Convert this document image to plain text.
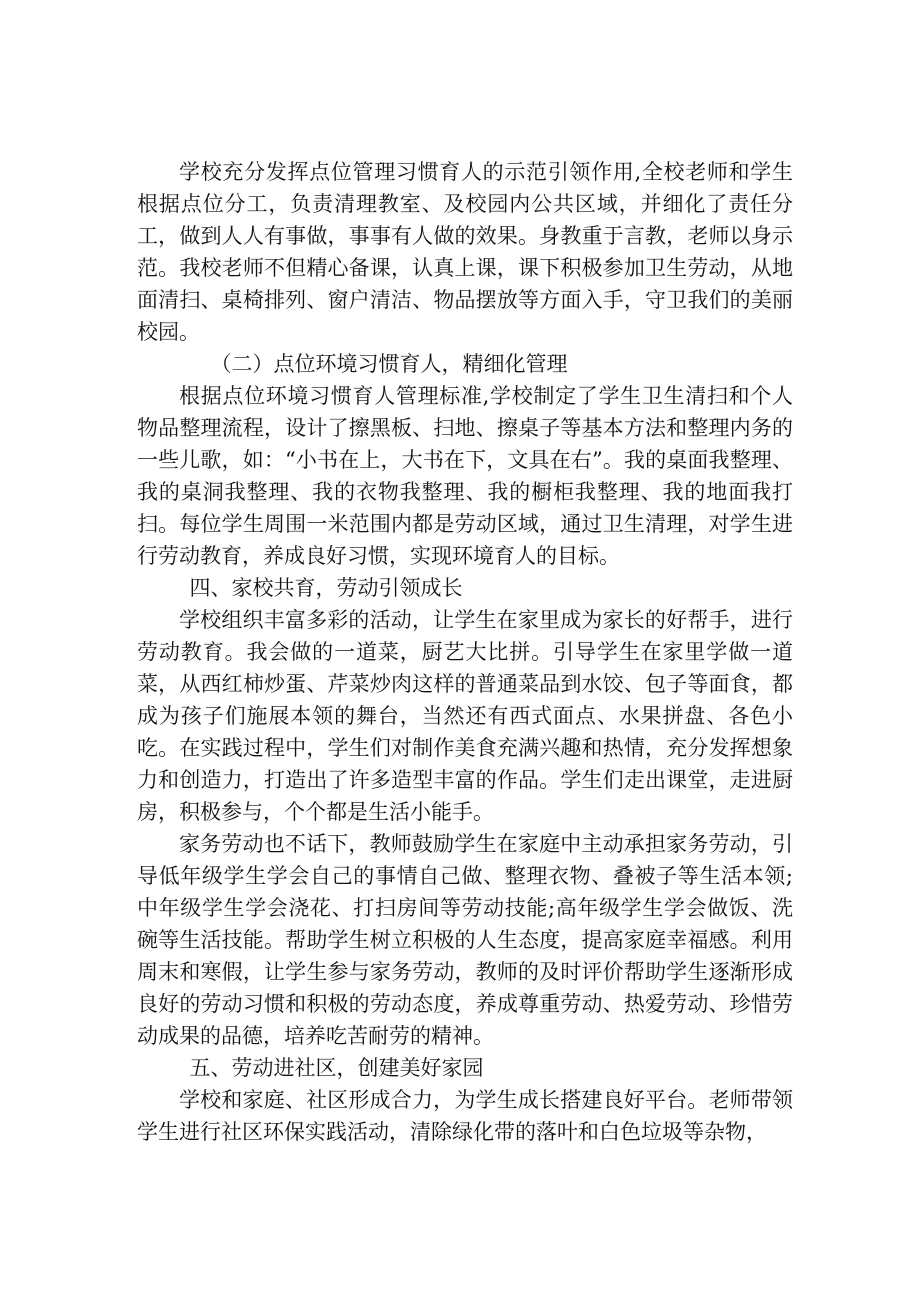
学校充分发挥点位管理习惯育人的示范引领作用,全校老师和学生根据点位分工，负责清理教室、及校园内公共区域，并细化了责任分工，做到人人有事做，事事有人做的效果。身教重于言教，老师以身示范。我校老师不但精心备课，认真上课，课下积极参加卫生劳动，从地面清扫、桌椅排列、窗户清洁、物品摆放等方面入手，守卫我们的美丽校园。

（二）点位环境习惯育人，精细化管理

根据点位环境习惯育人管理标准,学校制定了学生卫生清扫和个人物品整理流程，设计了擦黑板、扫地、擦桌子等基本方法和整理内务的一些儿歌，如：“小书在上，大书在下，文具在右”。我的桌面我整理、我的桌洞我整理、我的衣物我整理、我的橱柜我整理、我的地面我打扫。每位学生周围一米范围内都是劳动区域，通过卫生清理，对学生进行劳动教育，养成良好习惯，实现环境育人的目标。

四、家校共育，劳动引领成长

学校组织丰富多彩的活动，让学生在家里成为家长的好帮手，进行劳动教育。我会做的一道菜，厨艺大比拼。引导学生在家里学做一道菜，从西红柿炒蛋、芹菜炒肉这样的普通菜品到水饺、包子等面食，都成为孩子们施展本领的舞台，当然还有西式面点、水果拼盘、各色小吃。在实践过程中，学生们对制作美食充满兴趣和热情，充分发挥想象力和创造力，打造出了许多造型丰富的作品。学生们走出课堂，走进厨房，积极参与，个个都是生活小能手。

家务劳动也不话下，教师鼓励学生在家庭中主动承担家务劳动，引导低年级学生学会自己的事情自己做、整理衣物、叠被子等生活本领;中年级学生学会浇花、打扫房间等劳动技能;高年级学生学会做饭、洗碗等生活技能。帮助学生树立积极的人生态度，提高家庭幸福感。利用周末和寒假，让学生参与家务劳动，教师的及时评价帮助学生逐渐形成良好的劳动习惯和积极的劳动态度，养成尊重劳动、热爱劳动、珍惜劳动成果的品德，培养吃苦耐劳的精神。

五、劳动进社区，创建美好家园

学校和家庭、社区形成合力，为学生成长搭建良好平台。老师带领学生进行社区环保实践活动，清除绿化带的落叶和白色垃圾等杂物，
